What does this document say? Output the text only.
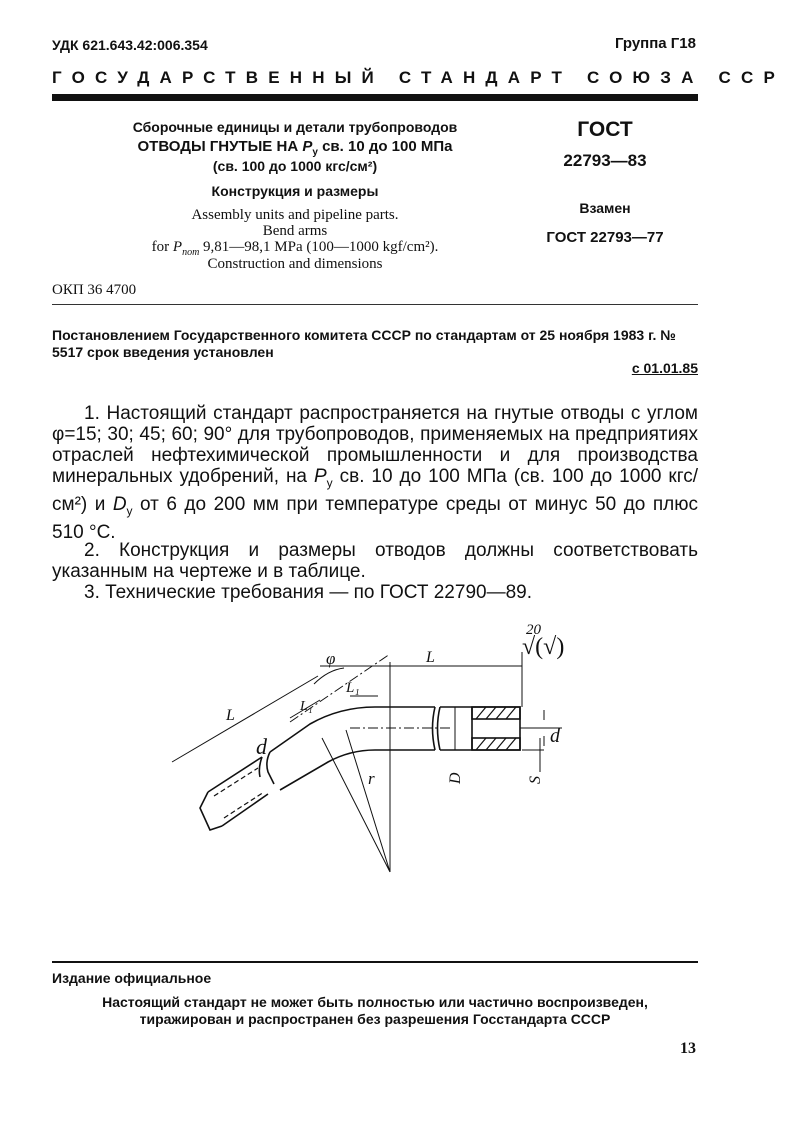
УДК 621.643.42:006.354	Группа Г18
ГОСУДАРСТВЕННЫЙ СТАНДАРТ СОЮЗА ССР
Сборочные единицы и детали трубопроводов
ОТВОДЫ ГНУТЫЕ НА $P_у$ св. 10 до 100 МПа
(св. 100 до 1000 кгс/см²)
Конструкция и размеры
Assembly units and pipeline parts.
Bend arms
for $P_{nom}$ 9,81—98,1 MPa (100—1000 kgf/cm²).
Construction and dimensions
ГОСТ
22793—83
Взамен
ГОСТ 22793—77
ОКП 36 4700
Постановлением Государственного комитета СССР по стандартам от 25 ноября 1983 г. № 5517 срок введения установлен
с 01.01.85
1. Настоящий стандарт распространяется на гнутые отводы с углом φ=15; 30; 45; 60; 90° для трубопроводов, применяемых на предприятиях отраслей нефтехимической промышленности и для производства минеральных удобрений, на $P_у$ св. 10 до 100 МПа (св. 100 до 1000 кгс/см²) и $D_у$ от 6 до 200 мм при температуре среды от минус 50 до плюс 510 °С.
2. Конструкция и размеры отводов должны соответствовать указанным на чертеже и в таблице.
3. Технические требования — по ГОСТ 22790—89.
20
√(√)
r
L
L₁
φ
L
L₁
d
D	S
d
Издание официальное
Настоящий стандарт не может быть полностью или частично воспроизведен,
тиражирован и распространен без разрешения Госстандарта СССР
13
